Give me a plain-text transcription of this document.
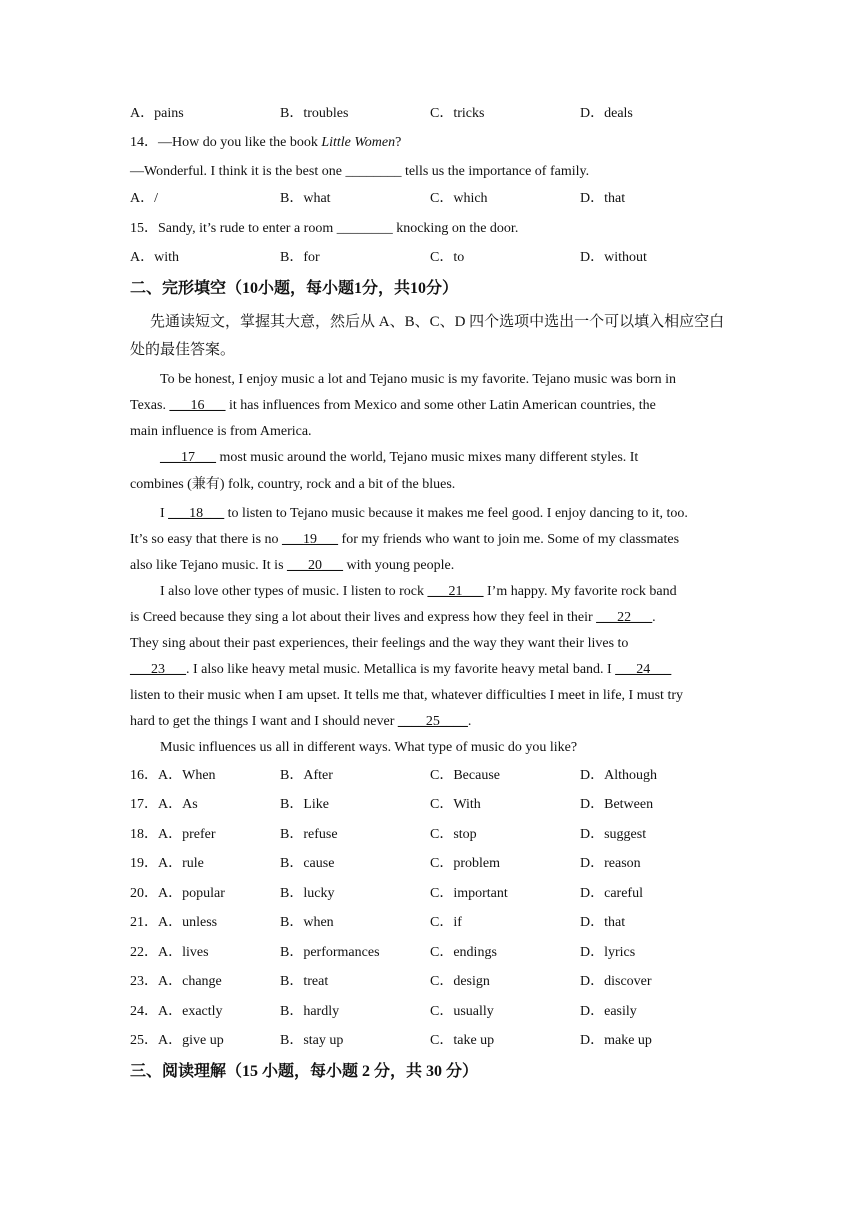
A．pains	B．troubles	C．tricks	D．deals
14．—How do you like the book Little Women?
—Wonderful. I think it is the best one ________ tells us the importance of family.
A．/	B．what	C．which	D．that
15．Sandy, it’s rude to enter a room ________ knocking on the door.
A．with	B．for	C．to	D．without
二、完形填空（10小题，每小题1分，共10分）
先通读短文，掌握其大意，然后从 A、B、C、D 四个选项中选出一个可以填入相应空白
处的最佳答案。
To be honest, I enjoy music a lot and Tejano music is my favorite. Tejano music was born in
Texas. ___16___ it has influences from Mexico and some other Latin American countries, the
main influence is from America.
___17___ most music around the world, Tejano music mixes many different styles. It
combines (兼有) folk, country, rock and a bit of the blues.
I ___18___ to listen to Tejano music because it makes me feel good. I enjoy dancing to it, too.
It’s so easy that there is no ___19___ for my friends who want to join me. Some of my classmates
also like Tejano music. It is ___20___ with young people.
I also love other types of music. I listen to rock ___21___ I’m happy. My favorite rock band
is Creed because they sing a lot about their lives and express how they feel in their ___22___.
They sing about their past experiences, their feelings and the way they want their lives to
___23___. I also like heavy metal music. Metallica is my favorite heavy metal band. I ___24___
listen to their music when I am upset. It tells me that, whatever difficulties I meet in life, I must try
hard to get the things I want and I should never ____25____.
Music influences us all in different ways. What type of music do you like?
16．A．When	B．After	C．Because	D．Although
17．A．As	B．Like	C．With	D．Between
18．A．prefer	B．refuse	C．stop	D．suggest
19．A．rule	B．cause	C．problem	D．reason
20．A．popular	B．lucky	C．important	D．careful
21．A．unless	B．when	C．if	D．that
22．A．lives	B．performances	C．endings	D．lyrics
23．A．change	B．treat	C．design	D．discover
24．A．exactly	B．hardly	C．usually	D．easily
25．A．give up	B．stay up	C．take up	D．make up
三、阅读理解（15 小题，每小题 2 分，共 30 分）
